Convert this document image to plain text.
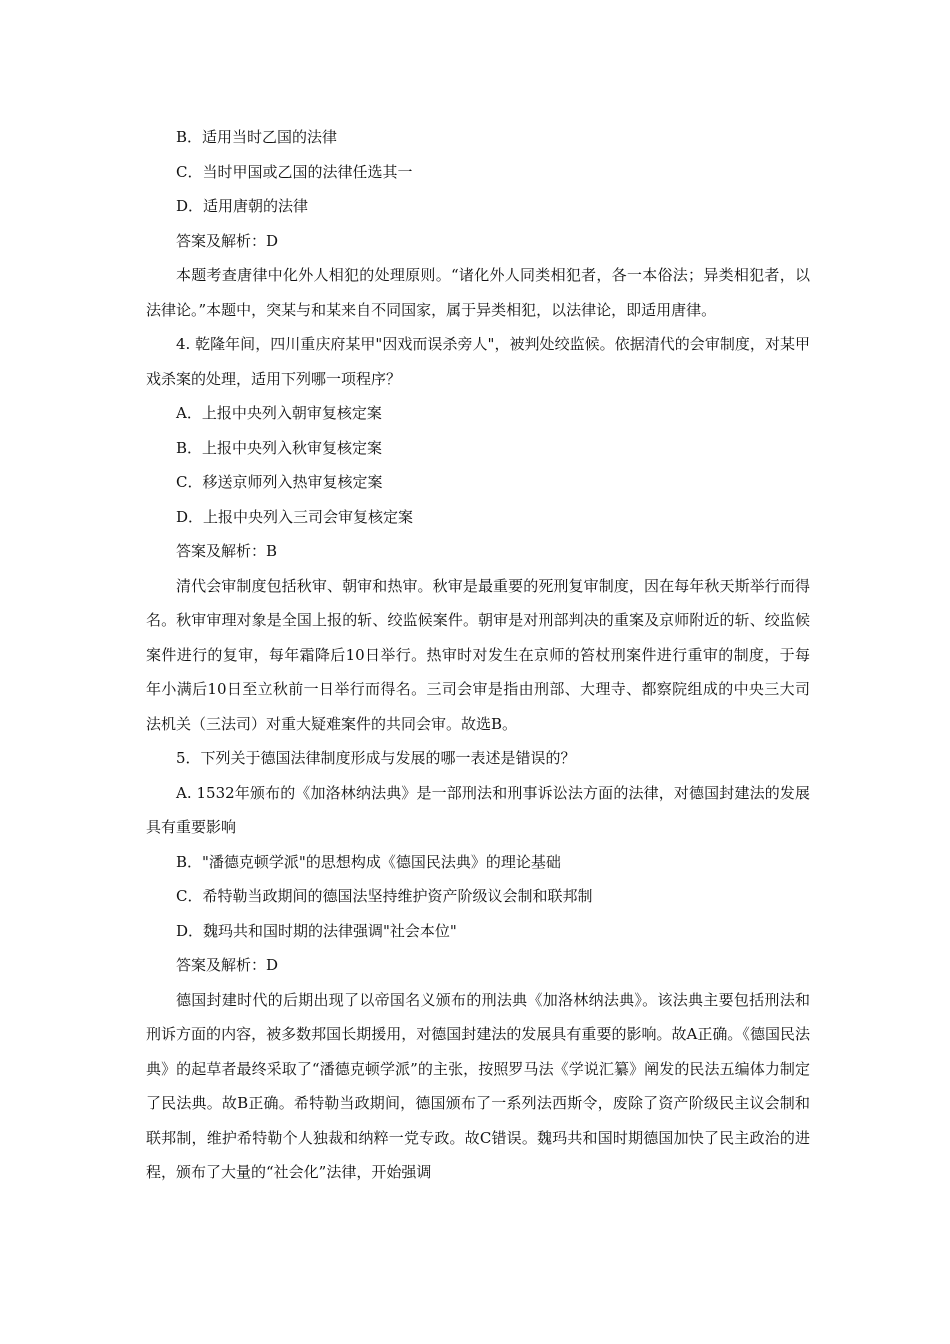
B．适用当时乙国的法律

C．当时甲国或乙国的法律任选其一

D．适用唐朝的法律

答案及解析：D

本题考查唐律中化外人相犯的处理原则。“诸化外人同类相犯者，各一本俗法；异类相犯者，以法律论。”本题中，突某与和某来自不同国家，属于异类相犯，以法律论，即适用唐律。

4. 乾隆年间，四川重庆府某甲"因戏而误杀旁人"，被判处绞监候。依据清代的会审制度，对某甲戏杀案的处理，适用下列哪一项程序？

A．上报中央列入朝审复核定案

B．上报中央列入秋审复核定案

C．移送京师列入热审复核定案

D．上报中央列入三司会审复核定案

答案及解析：B

清代会审制度包括秋审、朝审和热审。秋审是最重要的死刑复审制度，因在每年秋天斯举行而得名。秋审审理对象是全国上报的斩、绞监候案件。朝审是对刑部判决的重案及京师附近的斩、绞监候案件进行的复审，每年霜降后10日举行。热审时对发生在京师的笞杖刑案件进行重审的制度，于每年小满后10日至立秋前一日举行而得名。三司会审是指由刑部、大理寺、都察院组成的中央三大司法机关（三法司）对重大疑难案件的共同会审。故选B。

5．下列关于德国法律制度形成与发展的哪一表述是错误的？

A. 1532年颁布的《加洛林纳法典》是一部刑法和刑事诉讼法方面的法律，对德国封建法的发展具有重要影响

B．"潘德克顿学派"的思想构成《德国民法典》的理论基础

C．希特勒当政期间的德国法坚持维护资产阶级议会制和联邦制

D．魏玛共和国时期的法律强调"社会本位"

答案及解析：D

德国封建时代的后期出现了以帝国名义颁布的刑法典《加洛林纳法典》。该法典主要包括刑法和刑诉方面的内容，被多数邦国长期援用，对德国封建法的发展具有重要的影响。故A正确。《德国民法典》的起草者最终采取了“潘德克顿学派”的主张，按照罗马法《学说汇纂》阐发的民法五编体力制定了民法典。故B正确。希特勒当政期间，德国颁布了一系列法西斯令，废除了资产阶级民主议会制和联邦制，维护希特勒个人独裁和纳粹一党专政。故C错误。魏玛共和国时期德国加快了民主政治的进程，颁布了大量的“社会化”法律，开始强调
